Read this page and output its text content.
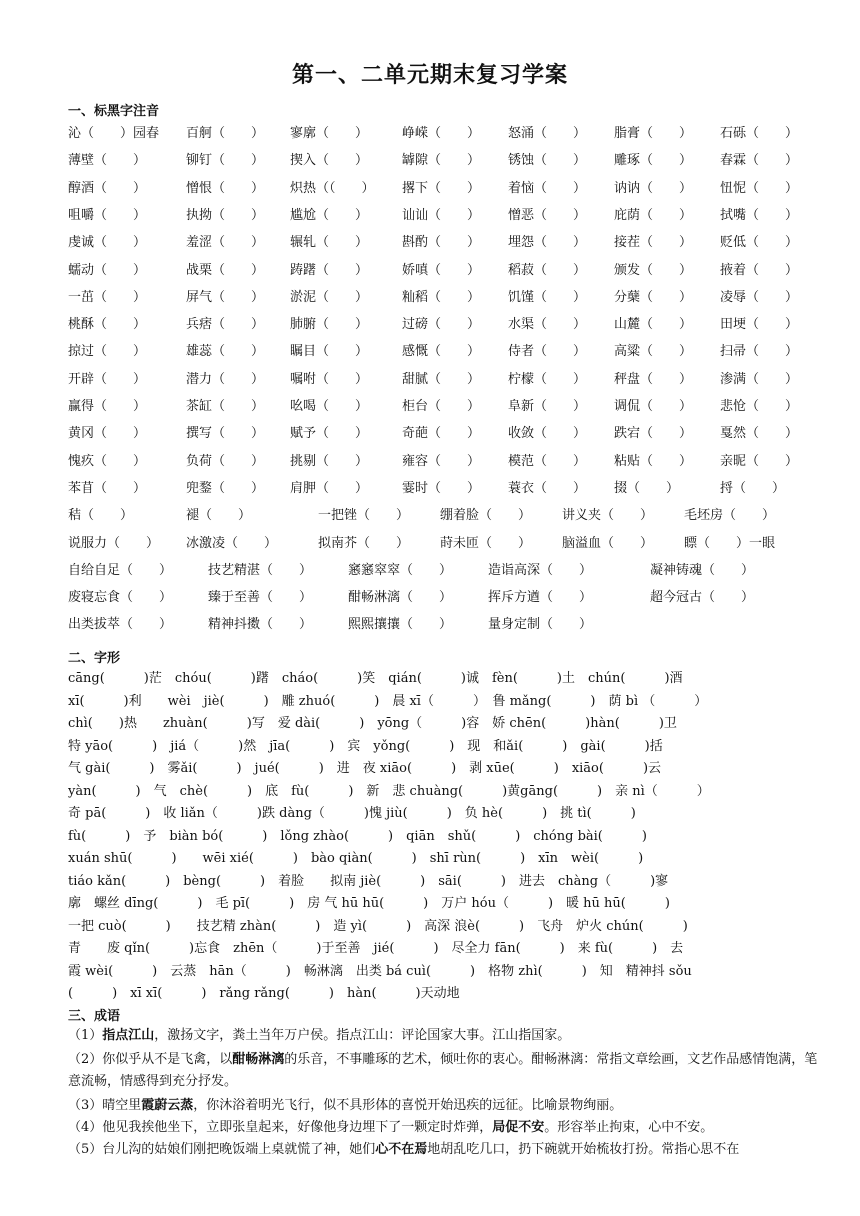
第一、二单元期末复习学案
一、标黑字注音
沁（　　）园春 百舸（　　） 寥廓（　　）	峥嵘（　　） 怒涌（　　） 脂膏（　　） 石砾（　　）
薄壁（　　）	铆钉（　　） 揳入（　　）	罅隙（　　） 锈蚀（　　） 雕琢（　　） 春霖（　　）
醇酒（　　）	憎恨（　　） 炽热（（　　） 撂下（　　） 着恼（　　） 讷讷（　　） 忸怩（　　）
咀嚼（　　）	执拗（　　） 尴尬（　　）	讪讪（　　） 憎恶（　　） 庇荫（　　） 拭嘴（　　）
虔诚（　　）	羞涩（　　） 辗轧（　　）	斟酌（　　） 埋怨（　　） 接茬（　　） 贬低（　　）
蠕动（　　）	战栗（　　） 踌躇（　　）	娇嗔（　　） 稻菽（　　） 颁发（　　） 掖着（　　）
一茁（　　）	屏气（　　） 淤泥（　　）	籼稻（　　） 饥馑（　　） 分蘖（　　） 凌辱（　　）
桃酥（　　）	兵痞（　　） 肺腑（　　）	过磅（　　） 水渠（　　） 山麓（　　） 田埂（　　）
掠过（　　）	雄蕊（　　） 瞩目（　　）	感慨（　　） 侍者（　　） 高粱（　　） 扫帚（　　）
开辟（　　）	潜力（　　） 嘱咐（　　）	甜腻（　　） 柠檬（　　） 秤盘（　　） 渗满（　　）
赢得（　　）	茶缸（　　） 吆喝（　　）	柜台（　　） 阜新（　　） 调侃（　　） 悲怆（　　）
黄冈（　　）	撰写（　　） 赋予（　　）	奇葩（　　） 收敛（　　） 跌宕（　　） 戛然（　　）
愧疚（　　）	负荷（　　） 挑剔（　　）	雍容（　　） 模范（　　） 粘贴（　　） 亲昵（　　）
苯苜（　　）	兜鍪（　　） 肩胛（　　）	霎时（　　） 蓑衣（　　） 掇（　　）	捋（　　）
秸（　　）	褪（　　）	一把锉（　　） 绷着脸（　　） 讲义夹（　　） 毛坯房（　　）
说服力（　　） 冰激凌（　　）	拟南芥（　　） 莳未匝（　　） 脑溢血（　　） 瞟（　　）一眼
自给自足（　　）	技艺精湛（　　）	窸窸窣窣（　　）	造诣高深（　　）	凝神铸魂（　　）
废寝忘食（　　）	臻于至善（　　）	酣畅淋漓（　　）	挥斥方遒（　　）	超今冠古（　　）
出类拔萃（　　）	精神抖擞（　　）	熙熙攘攘（　　）	量身定制（　　）
二、字形
cāng(　　　)茫　chóu(　　　)躇　cháo(　　　)笑　qián(　　　)诚　fèn(　　　)土　chún(　　　)酒
xī(　　　)利　　wèi　jiè(　　　)　雕 zhuó(　　　)　晨 xī（　　　）　鲁 mǎng(　　　)　荫 bì （　　　）
chì(　　)热　　zhuàn(　　　)写　爱 dài(　　　)　yōng（　　　)容　娇 chēn(　　　)hàn(　　　)卫
特 yāo(　　　)　jiá（　　　)然　jīa(　　　)　宾　yǒng(　　　)　现　和ǎi(　　　)　gài(　　　)括
气 gài(　　　)　雾ǎi(　　　)　jué(　　　)　进　夜 xiāo(　　　)　剥 xūe(　　　)　xiāo(　　　)云
yàn(　　　)　气　chè(　　　)　底　fù(　　　)　新　悲 chuàng(　　　)黄gāng(　　　)　亲 nì（　　　）
奇 pā(　　　)　收 liǎn（　　　)跌 dàng（　　　)愧 jiù(　　　)　负 hè(　　　)　挑 tì(　　　)
fù(　　　)　予　biàn bó(　　　)　lǒng zhào(　　　)　qiān　shǔ(　　　)　chóng bài(　　　)
xuán shū(　　　)　　wēi xié(　　　)　bào qiàn(　　　)　shī rùn(　　　)　xīn　wèi(　　　)
tiáo kǎn(　　　)　bèng(　　　)　着脸　　拟南 jiè(　　　)　sāi(　　　)　进去　chàng（　　　)寥
廓　螺丝 dīng(　　　)　毛 pī(　　　)　房 气 hū hū(　　　)　万户 hóu（　　　)　暖 hū hū(　　　)
一把 cuò(　　　)　　技艺精 zhàn(　　　)　造 yì(　　　)　高深 浪è(　　　)　飞舟　炉火 chún(　　　)
青　　废 qǐn(　　　)忘食　zhēn（　　　)于至善　jié(　　　)　尽全力 fān(　　　)　来 fù(　　　)　去
霞 wèi(　　　)　云蒸　hān（　　　)　畅淋漓　出类 bá cuì(　　　)　格物 zhì(　　　)　知　精神抖 sǒu
(　　　)　xī xī(　　　)　rǎng rǎng(　　　)　hàn(　　　)天动地
三、成语
（1）指点江山，激扬文字，粪土当年万户侯。指点江山：评论国家大事。江山指国家。
（2）你似乎从不是飞禽，以酣畅淋漓的乐音，不事雕琢的艺术，倾吐你的衷心。酣畅淋漓：常指文章绘画，文艺作品感情饱满，笔意流畅，情感得到充分抒发。
（3）晴空里霞蔚云蒸，你沐浴着明光飞行，似不具形体的喜悦开始迅疾的远征。比喻景物绚丽。
（4）他见我挨他坐下，立即张皇起来，好像他身边埋下了一颗定时炸弹，局促不安。形容举止拘束，心中不安。
（5）台儿沟的姑娘们刚把晚饭端上桌就慌了神，她们心不在焉地胡乱吃几口，扔下碗就开始梳妆打扮。常指心思不在
